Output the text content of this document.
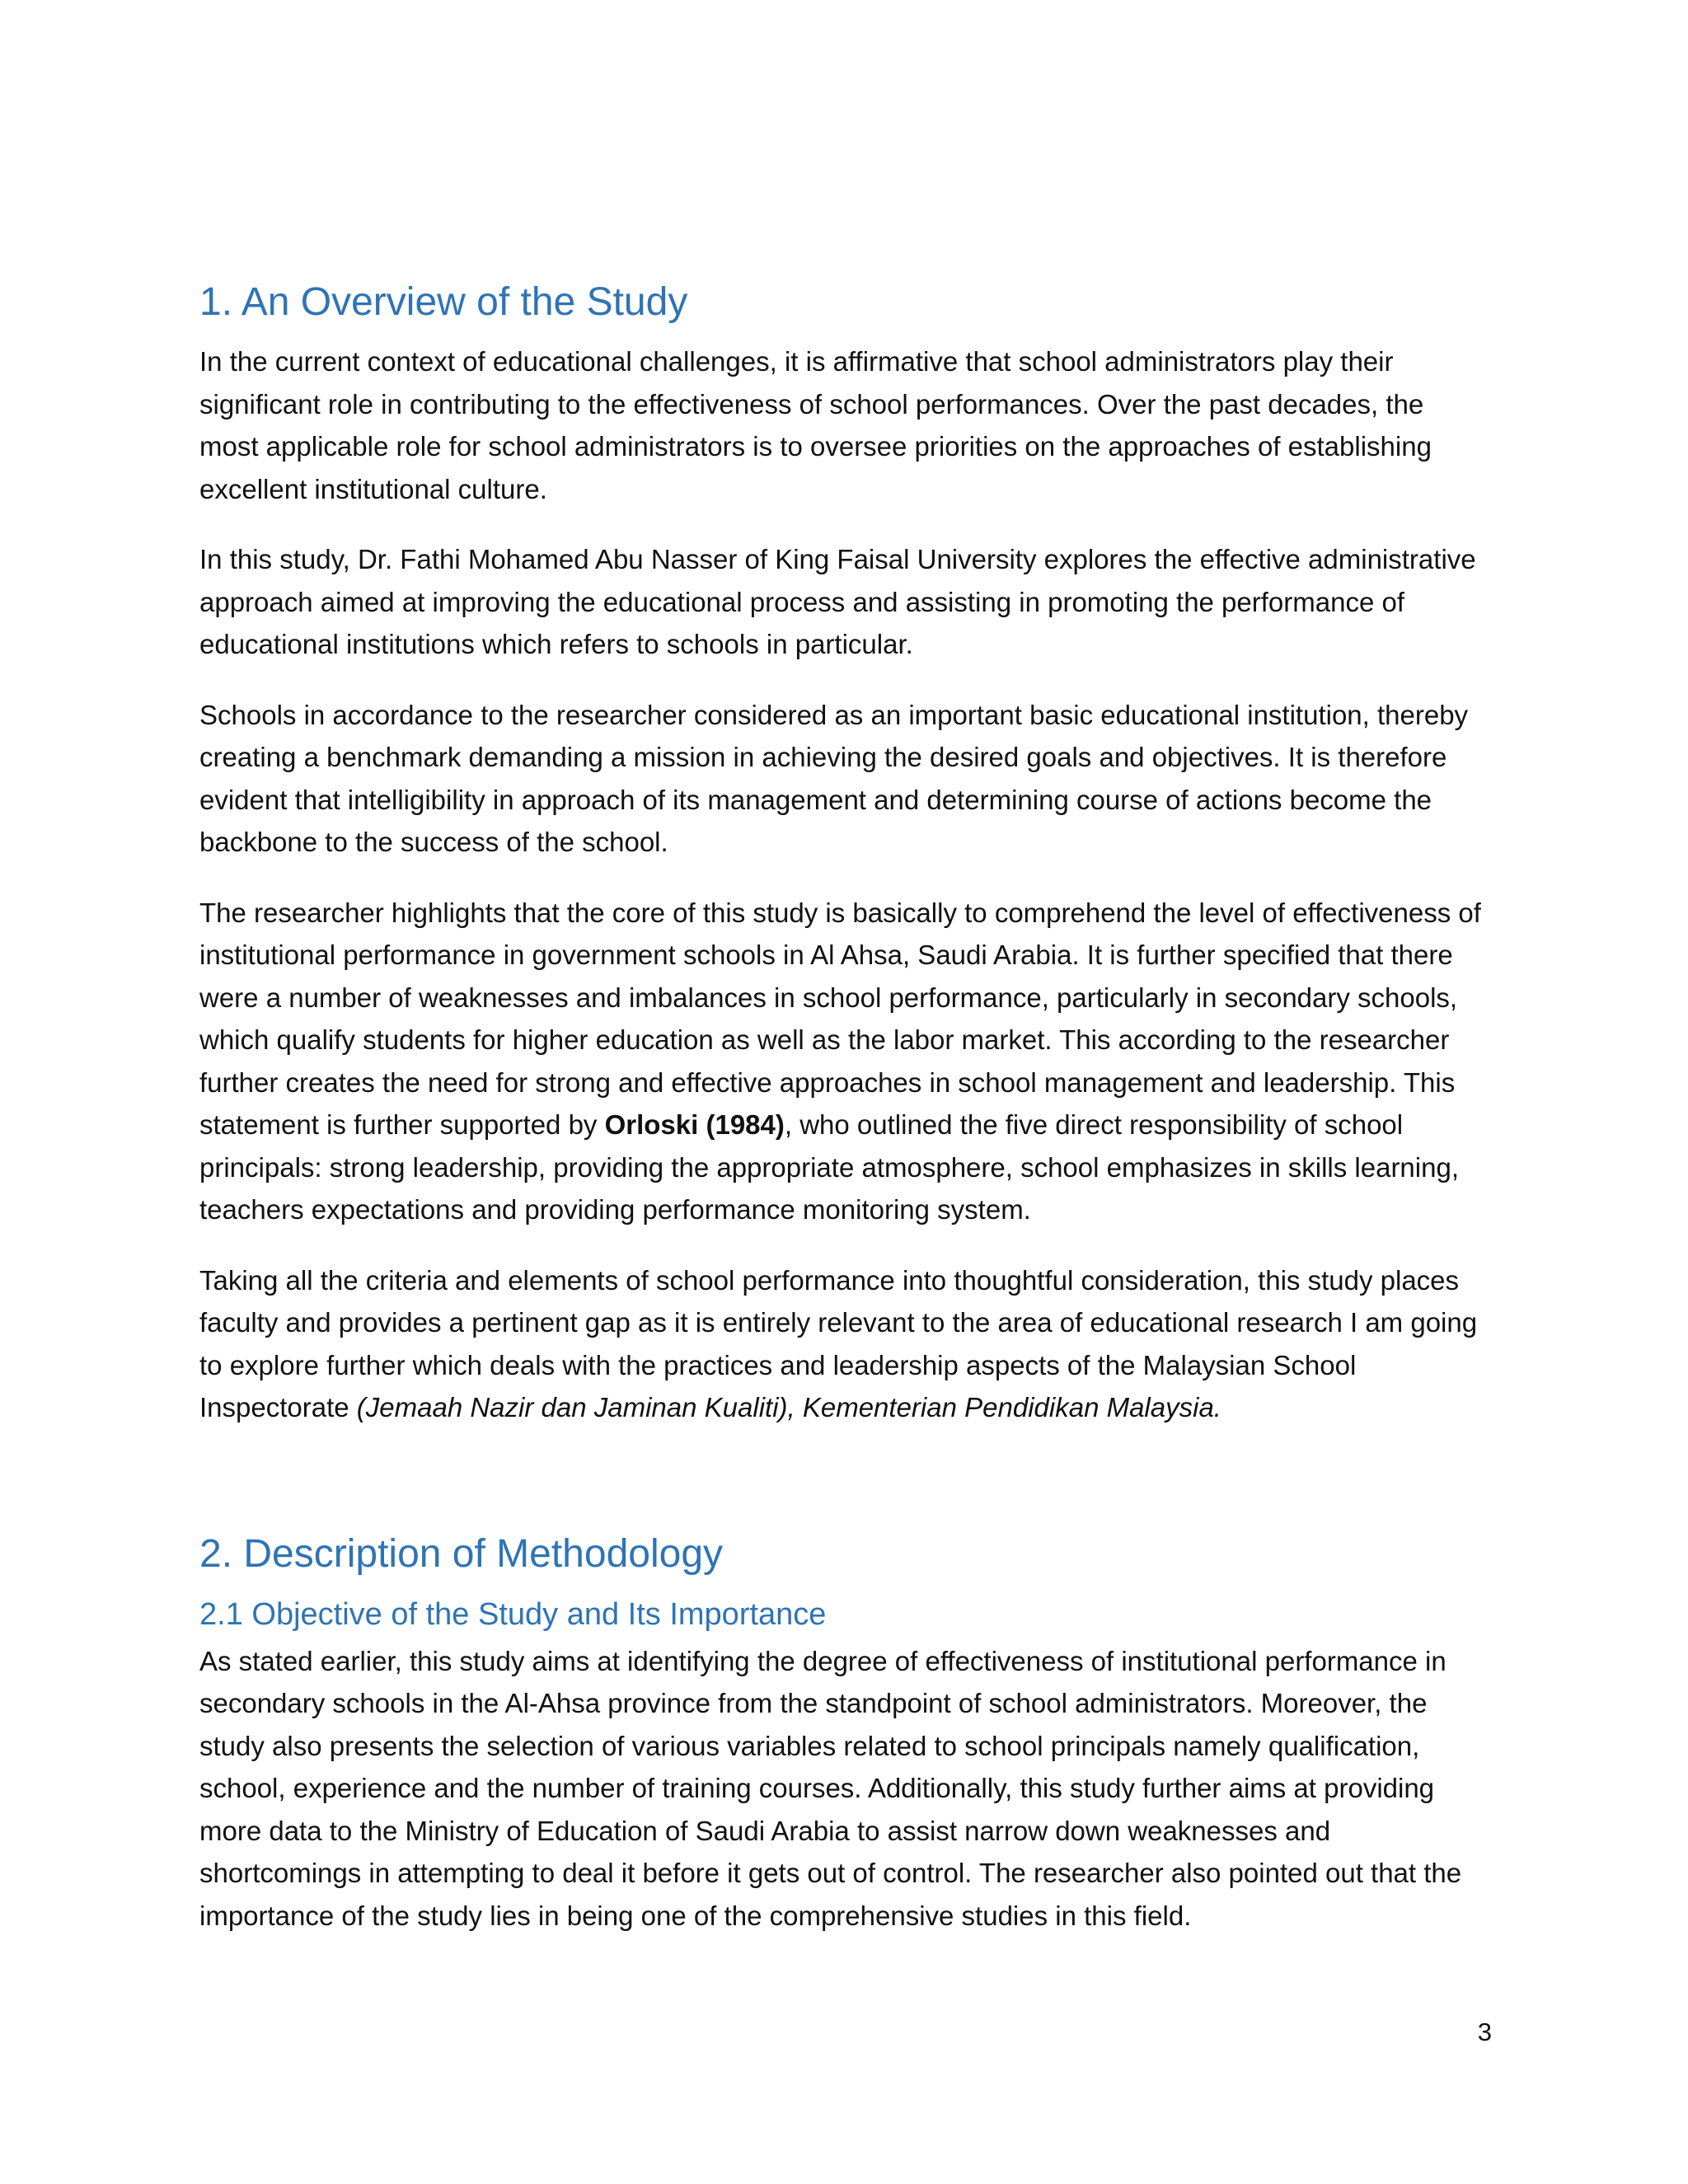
1. An Overview of the Study

In the current context of educational challenges, it is affirmative that school administrators play their significant role in contributing to the effectiveness of school performances. Over the past decades, the most applicable role for school administrators is to oversee priorities on the approaches of establishing excellent institutional culture.

In this study, Dr. Fathi Mohamed Abu Nasser of King Faisal University explores the effective administrative approach aimed at improving the educational process and assisting in promoting the performance of educational institutions which refers to schools in particular.

Schools in accordance to the researcher considered as an important basic educational institution, thereby creating a benchmark demanding a mission in achieving the desired goals and objectives. It is therefore evident that intelligibility in approach of its management and determining course of actions become the backbone to the success of the school.

The researcher highlights that the core of this study is basically to comprehend the level of effectiveness of institutional performance in government schools in Al Ahsa, Saudi Arabia. It is further specified that there were a number of weaknesses and imbalances in school performance, particularly in secondary schools, which qualify students for higher education as well as the labor market. This according to the researcher further creates the need for strong and effective approaches in school management and leadership. This statement is further supported by Orloski (1984), who outlined the five direct responsibility of school principals: strong leadership, providing the appropriate atmosphere, school emphasizes in skills learning, teachers expectations and providing performance monitoring system.

Taking all the criteria and elements of school performance into thoughtful consideration, this study places faculty and provides a pertinent gap as it is entirely relevant to the area of educational research I am going to explore further which deals with the practices and leadership aspects of the Malaysian School Inspectorate (Jemaah Nazir dan Jaminan Kualiti), Kementerian Pendidikan Malaysia.

2. Description of Methodology
2.1 Objective of the Study and Its Importance

As stated earlier, this study aims at identifying the degree of effectiveness of institutional performance in secondary schools in the Al-Ahsa province from the standpoint of school administrators. Moreover, the study also presents the selection of various variables related to school principals namely qualification, school, experience and the number of training courses. Additionally, this study further aims at providing more data to the Ministry of Education of Saudi Arabia to assist narrow down weaknesses and shortcomings in attempting to deal it before it gets out of control. The researcher also pointed out that the importance of the study lies in being one of the comprehensive studies in this field.

3
